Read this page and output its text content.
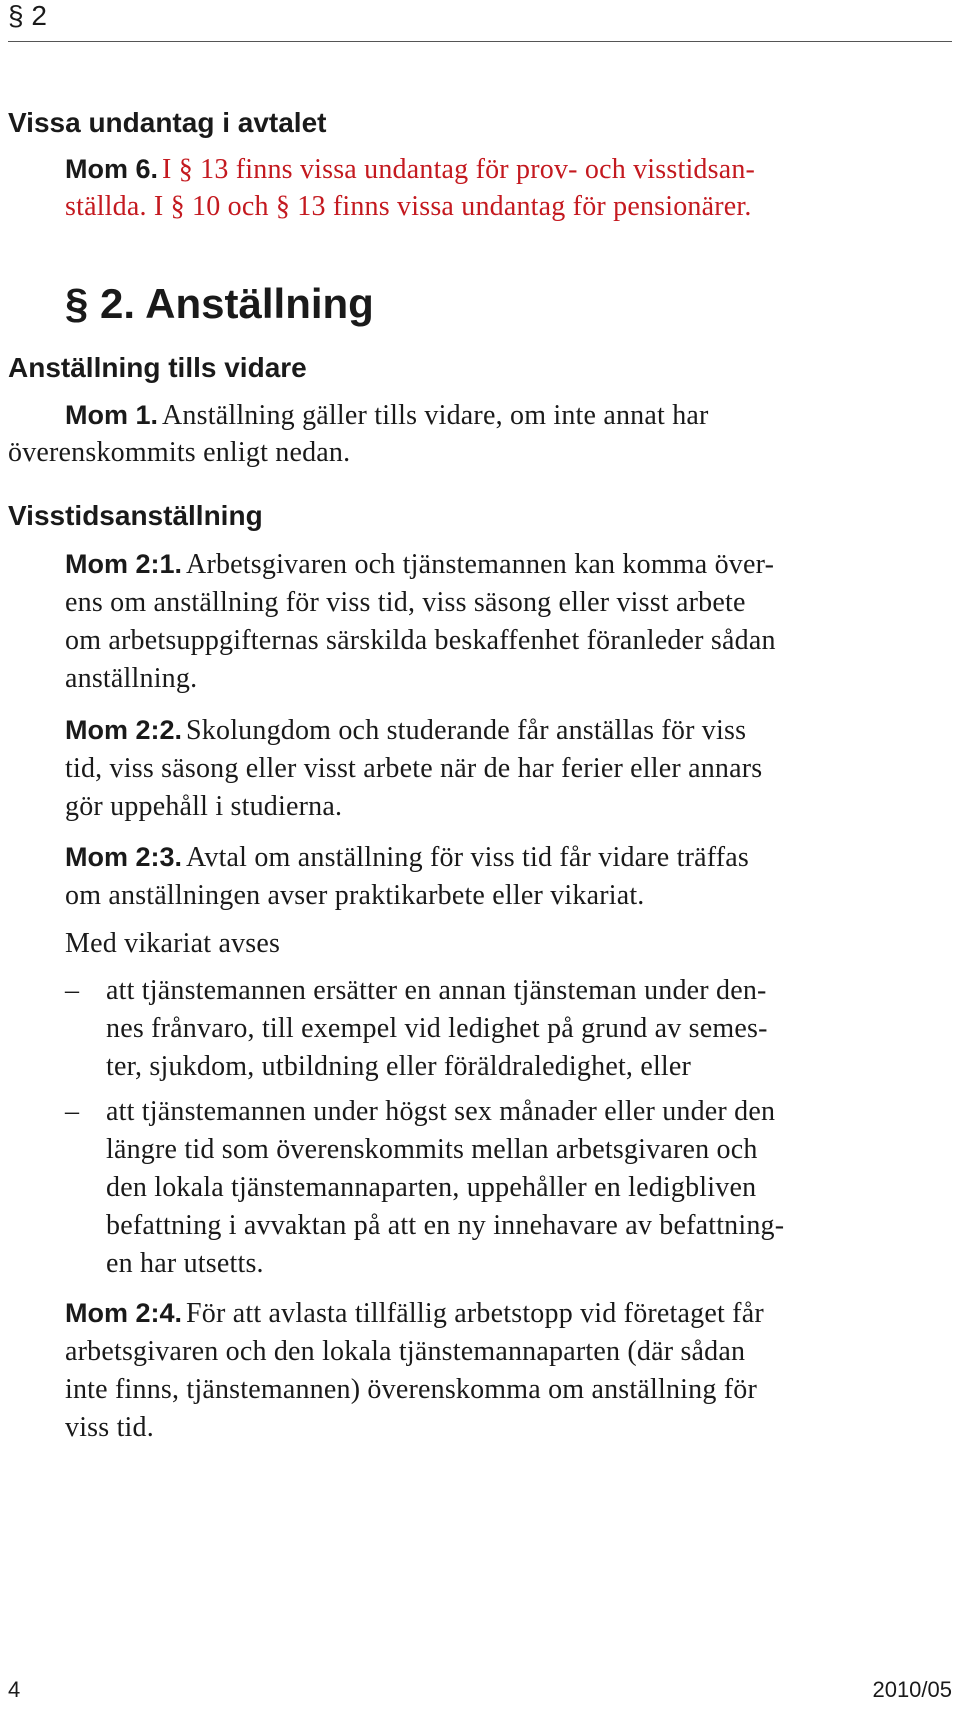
§ 2
Vissa undantag i avtalet
Mom 6. I § 13 finns vissa undantag för prov- och visstidsan-
ställda. I § 10 och § 13 finns vissa undantag för pensionärer.
§ 2. Anställning
Anställning tills vidare
Mom 1. Anställning gäller tills vidare, om inte annat har
överenskommits enligt nedan.
Visstidsanställning
Mom 2:1. Arbetsgivaren och tjänstemannen kan komma över-
ens om anställning för viss tid, viss säsong eller visst arbete
om arbetsuppgifternas särskilda beskaffenhet föranleder sådan
anställning.
Mom 2:2. Skolungdom och studerande får anställas för viss
tid, viss säsong eller visst arbete när de har ferier eller annars
gör uppehåll i studierna.
Mom 2:3. Avtal om anställning för viss tid får vidare träffas
om anställningen avser praktikarbete eller vikariat.
Med vikariat avses
– att tjänstemannen ersätter en annan tjänsteman under den-
nes frånvaro, till exempel vid ledighet på grund av semes-
ter, sjukdom, utbildning eller föräldraledighet, eller
– att tjänstemannen under högst sex månader eller under den
längre tid som överenskommits mellan arbetsgivaren och
den lokala tjänstemannaparten, uppehåller en ledigbliven
befattning i avvaktan på att en ny innehavare av befattning-
en har utsetts.
Mom 2:4. För att avlasta tillfällig arbetstopp vid företaget får
arbetsgivaren och den lokala tjänstemannaparten (där sådan
inte finns, tjänstemannen) överenskomma om anställning för
viss tid.
4	2010/05
